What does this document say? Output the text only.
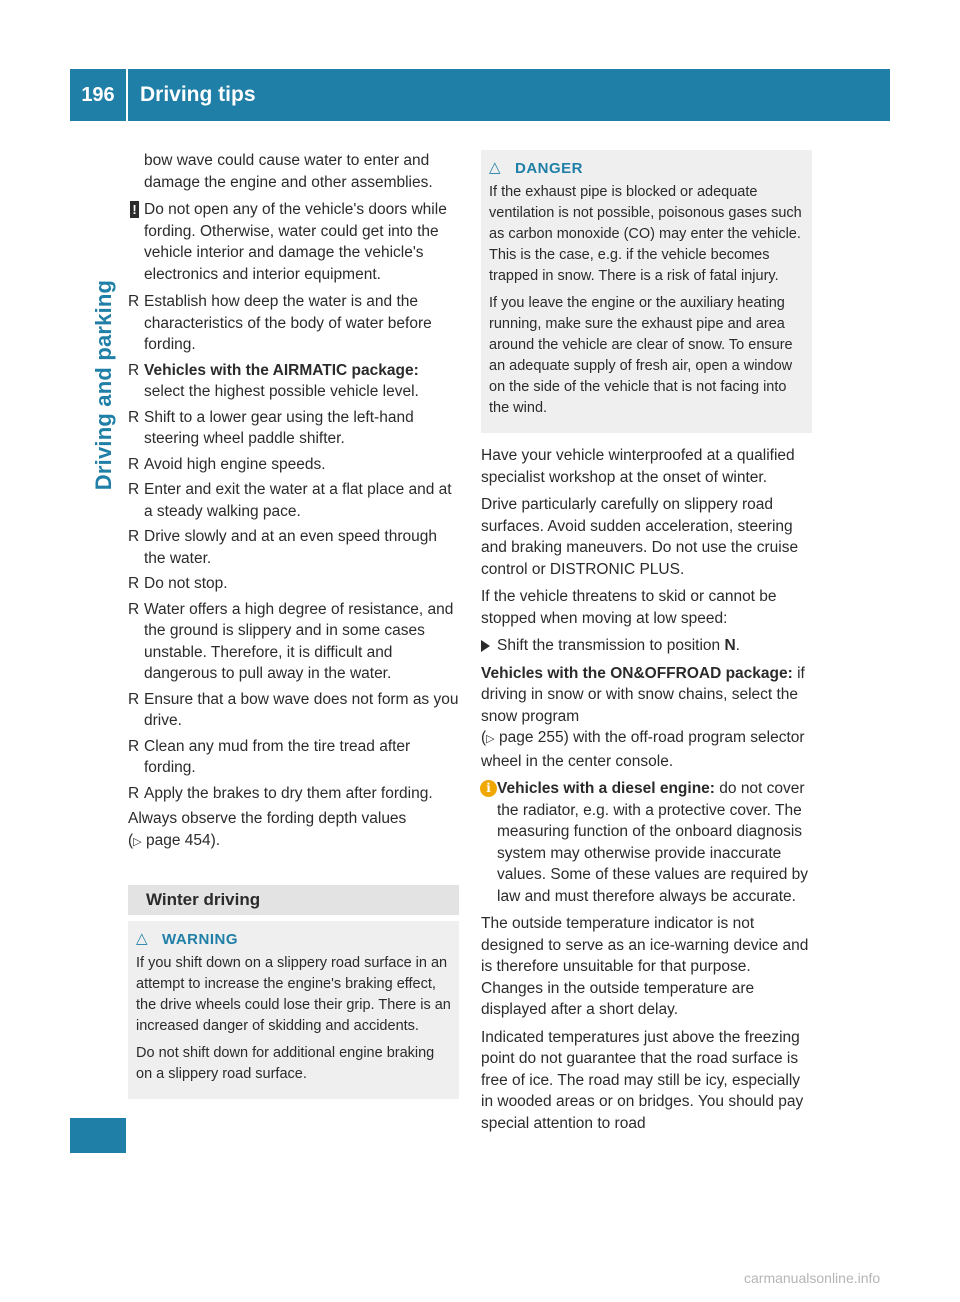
196	Driving tips
Driving and parking

bow wave could cause water to enter and damage the engine and other assemblies.

! Do not open any of the vehicle's doors while fording. Otherwise, water could get into the vehicle interior and damage the vehicle's electronics and interior equipment.
R Establish how deep the water is and the characteristics of the body of water before fording.
R Vehicles with the AIRMATIC package: select the highest possible vehicle level.
R Shift to a lower gear using the left-hand steering wheel paddle shifter.
R Avoid high engine speeds.
R Enter and exit the water at a flat place and at a steady walking pace.
R Drive slowly and at an even speed through the water.
R Do not stop.
R Water offers a high degree of resistance, and the ground is slippery and in some cases unstable. Therefore, it is difficult and dangerous to pull away in the water.
R Ensure that a bow wave does not form as you drive.
R Clean any mud from the tire tread after fording.
R Apply the brakes to dry them after fording.

Always observe the fording depth values
(▷ page 454).

Winter driving
△ WARNING

If you shift down on a slippery road surface in an attempt to increase the engine's braking effect, the drive wheels could lose their grip. There is an increased danger of skidding and accidents.

Do not shift down for additional engine braking on a slippery road surface.

△ DANGER

If the exhaust pipe is blocked or adequate ventilation is not possible, poisonous gases such as carbon monoxide (CO) may enter the vehicle. This is the case, e.g. if the vehicle becomes trapped in snow. There is a risk of fatal injury.

If you leave the engine or the auxiliary heating running, make sure the exhaust pipe and area around the vehicle are clear of snow. To ensure an adequate supply of fresh air, open a window on the side of the vehicle that is not facing into the wind.

Have your vehicle winterproofed at a qualified specialist workshop at the onset of winter.

Drive particularly carefully on slippery road surfaces. Avoid sudden acceleration, steering and braking maneuvers. Do not use the cruise control or DISTRONIC PLUS.

If the vehicle threatens to skid or cannot be stopped when moving at low speed:

Shift the transmission to position N.

Vehicles with the ON&OFFROAD package: if driving in snow or with snow chains, select the snow program
(▷ page 255) with the off-road program selector wheel in the center console.

i Vehicles with a diesel engine: do not cover the radiator, e.g. with a protective cover. The measuring function of the onboard diagnosis system may otherwise provide inaccurate values. Some of these values are required by law and must therefore always be accurate.

The outside temperature indicator is not designed to serve as an ice-warning device and is therefore unsuitable for that purpose. Changes in the outside temperature are displayed after a short delay.

Indicated temperatures just above the freezing point do not guarantee that the road surface is free of ice. The road may still be icy, especially in wooded areas or on bridges. You should pay special attention to road

carmanualsonline.info
